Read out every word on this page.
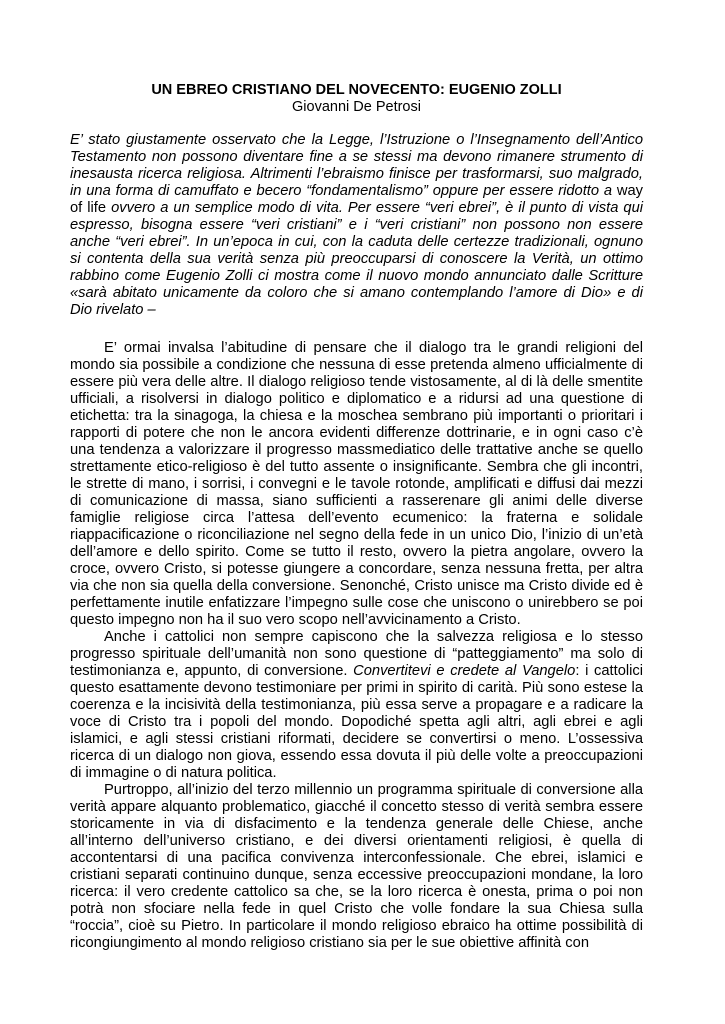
UN EBREO CRISTIANO DEL NOVECENTO: EUGENIO ZOLLI

Giovanni De Petrosi

E’ stato giustamente osservato che la Legge, l’Istruzione o l’Insegnamento dell’Antico Testamento non possono diventare fine a se stessi ma devono rimanere strumento di inesausta ricerca religiosa. Altrimenti l’ebraismo finisce per trasformarsi, suo malgrado, in una forma di camuffato e becero “fondamentalismo” oppure per essere ridotto a way of life ovvero a un semplice modo di vita. Per essere “veri ebrei”, è il punto di vista qui espresso, bisogna essere “veri cristiani” e i “veri cristiani” non possono non essere anche “veri ebrei”. In un’epoca in cui, con la caduta delle certezze tradizionali, ognuno si contenta della sua verità senza più preoccuparsi di conoscere la Verità, un ottimo rabbino come Eugenio Zolli ci mostra come il nuovo mondo annunciato dalle Scritture «sarà abitato unicamente da coloro che si amano contemplando l’amore di Dio» e di Dio rivelato –

E’ ormai invalsa l’abitudine di pensare che il dialogo tra le grandi religioni del mondo sia possibile a condizione che nessuna di esse pretenda almeno ufficialmente di essere più vera delle altre. Il dialogo religioso tende vistosamente, al di là delle smentite ufficiali, a risolversi in dialogo politico e diplomatico e a ridursi ad una questione di etichetta: tra la sinagoga, la chiesa e la moschea sembrano più importanti o prioritari i rapporti di potere che non le ancora evidenti differenze dottrinarie, e in ogni caso c’è una tendenza a valorizzare il progresso massmediatico delle trattative anche se quello strettamente etico-religioso è del tutto assente o insignificante. Sembra che gli incontri, le strette di mano, i sorrisi, i convegni e le tavole rotonde, amplificati e diffusi dai mezzi di comunicazione di massa, siano sufficienti a rasserenare gli animi delle diverse famiglie religiose circa l’attesa dell’evento ecumenico: la fraterna e solidale riappacificazione o riconciliazione nel segno della fede in un unico Dio, l’inizio di un’età dell’amore e dello spirito. Come se tutto il resto, ovvero la pietra angolare, ovvero la croce, ovvero Cristo, si potesse giungere a concordare, senza nessuna fretta, per altra via che non sia quella della conversione. Senonché, Cristo unisce ma Cristo divide ed è perfettamente inutile enfatizzare l’impegno sulle cose che uniscono o unirebbero se poi questo impegno non ha il suo vero scopo nell’avvicinamento a Cristo.

Anche i cattolici non sempre capiscono che la salvezza religiosa e lo stesso progresso spirituale dell’umanità non sono questione di “patteggiamento” ma solo di testimonianza e, appunto, di conversione. Convertitevi e credete al Vangelo: i cattolici questo esattamente devono testimoniare per primi in spirito di carità. Più sono estese la coerenza e la incisività della testimonianza, più essa serve a propagare e a radicare la voce di Cristo tra i popoli del mondo. Dopodiché spetta agli altri, agli ebrei e agli islamici, e agli stessi cristiani riformati, decidere se convertirsi o meno. L’ossessiva ricerca di un dialogo non giova, essendo essa dovuta il più delle volte a preoccupazioni di immagine o di natura politica.

Purtroppo, all’inizio del terzo millennio un programma spirituale di conversione alla verità appare alquanto problematico, giacché il concetto stesso di verità sembra essere storicamente in via di disfacimento e la tendenza generale delle Chiese, anche all’interno dell’universo cristiano, e dei diversi orientamenti religiosi, è quella di accontentarsi di una pacifica convivenza interconfessionale. Che ebrei, islamici e cristiani separati continuino dunque, senza eccessive preoccupazioni mondane, la loro ricerca: il vero credente cattolico sa che, se la loro ricerca è onesta, prima o poi non potrà non sfociare nella fede in quel Cristo che volle fondare la sua Chiesa sulla “roccia”, cioè su Pietro. In particolare il mondo religioso ebraico ha ottime possibilità di ricongiungimento al mondo religioso cristiano sia per le sue obiettive affinità con
